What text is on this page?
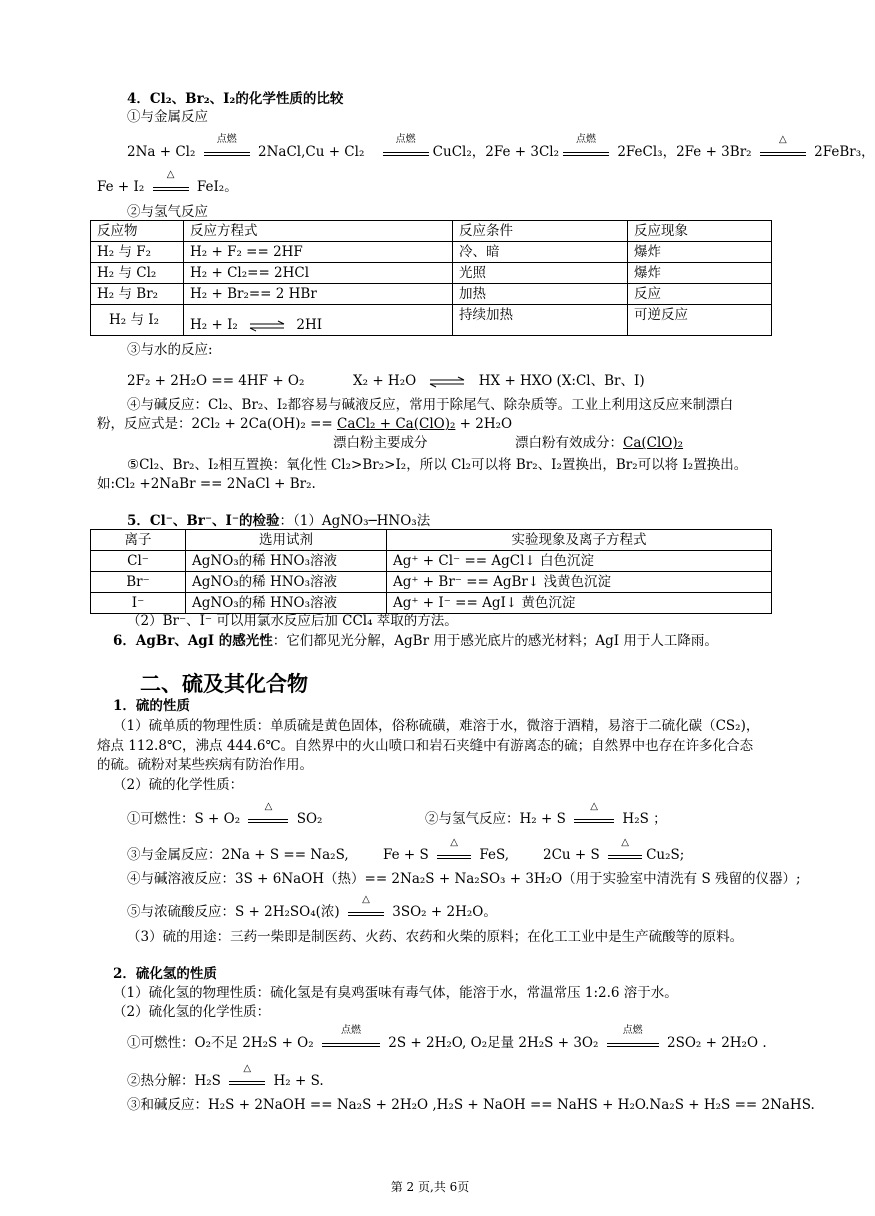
4．Cl₂、Br₂、I₂的化学性质的比较
①与金属反应
2Na + Cl₂
点燃
2NaCl,Cu + Cl₂
点燃
CuCl₂，2Fe + 3Cl₂
点燃
2FeCl₃，2Fe + 3Br₂
△
2FeBr₃，
Fe + I₂
△
FeI₂。
②与氢气反应
反应物	反应方程式	反应条件	反应现象
H₂ 与 F₂	H₂ + F₂ == 2HF	冷、暗	爆炸
H₂ 与 Cl₂	H₂ + Cl₂== 2HCl	光照	爆炸
H₂ 与 Br₂	H₂ + Br₂== 2 HBr	加热	反应
H₂ 与 I₂	H₂ + I₂ ⇌ 2HI	持续加热	可逆反应
③与水的反应:
2F₂ + 2H₂O == 4HF + O₂	X₂ + H₂O ⇌ HX + HXO (X:Cl、Br、I)
④与碱反应：Cl₂、Br₂、I₂都容易与碱液反应，常用于除尾气、除杂质等。工业上利用这反应来制漂白
粉，反应式是：2Cl₂ + 2Ca(OH)₂ == CaCl₂ + Ca(ClO)₂ + 2H₂O
漂白粉主要成分	漂白粉有效成分：Ca(ClO)₂
⑤Cl₂、Br₂、I₂相互置换：氧化性 Cl₂>Br₂>I₂，所以 Cl₂可以将 Br₂、I₂置换出，Br₂可以将 I₂置换出。
如:Cl₂ +2NaBr == 2NaCl + Br₂.
5．Cl⁻、Br⁻、I⁻的检验：（1）AgNO₃─HNO₃法
离子	选用试剂	实验现象及离子方程式
Cl⁻	AgNO₃的稀 HNO₃溶液	Ag⁺ + Cl⁻ == AgCl↓ 白色沉淀
Br⁻	AgNO₃的稀 HNO₃溶液	Ag⁺ + Br⁻ == AgBr↓ 浅黄色沉淀
I⁻	AgNO₃的稀 HNO₃溶液	Ag⁺ + I⁻ == AgI↓ 黄色沉淀
（2）Br⁻、I⁻ 可以用氯水反应后加 CCl₄ 萃取的方法。
6．AgBr、AgI 的感光性：它们都见光分解，AgBr 用于感光底片的感光材料；AgI 用于人工降雨。
二、硫及其化合物
1．硫的性质
（1）硫单质的物理性质：单质硫是黄色固体，俗称硫磺，难溶于水，微溶于酒精，易溶于二硫化碳（CS₂)，
熔点 112.8℃，沸点 444.6℃。自然界中的火山喷口和岩石夹缝中有游离态的硫；自然界中也存在许多化合态
的硫。硫粉对某些疾病有防治作用。
（2）硫的化学性质：
①可燃性：S + O₂
△
SO₂	②与氢气反应：H₂ + S
△
H₂S ；
③与金属反应：2Na + S == Na₂S,	Fe + S
△
FeS,	2Cu + S
△
Cu₂S;
④与碱溶液反应：3S + 6NaOH（热）== 2Na₂S + Na₂SO₃ + 3H₂O（用于实验室中清洗有 S 残留的仪器）;
⑤与浓硫酸反应：S + 2H₂SO₄(浓)
△
3SO₂ + 2H₂O。
（3）硫的用途：三药一柴即是制医药、火药、农药和火柴的原料；在化工工业中是生产硫酸等的原料。
2．硫化氢的性质
（1）硫化氢的物理性质：硫化氢是有臭鸡蛋味有毒气体，能溶于水，常温常压 1:2.6 溶于水。
（2）硫化氢的化学性质：
①可燃性：O₂不足 2H₂S + O₂
点燃
2S + 2H₂O, O₂足量 2H₂S + 3O₂
点燃
2SO₂ + 2H₂O .
②热分解：H₂S
△
H₂ + S.
③和碱反应：H₂S + 2NaOH == Na₂S + 2H₂O ,H₂S + NaOH == NaHS + H₂O.Na₂S + H₂S == 2NaHS.
第 2 页,共 6页
